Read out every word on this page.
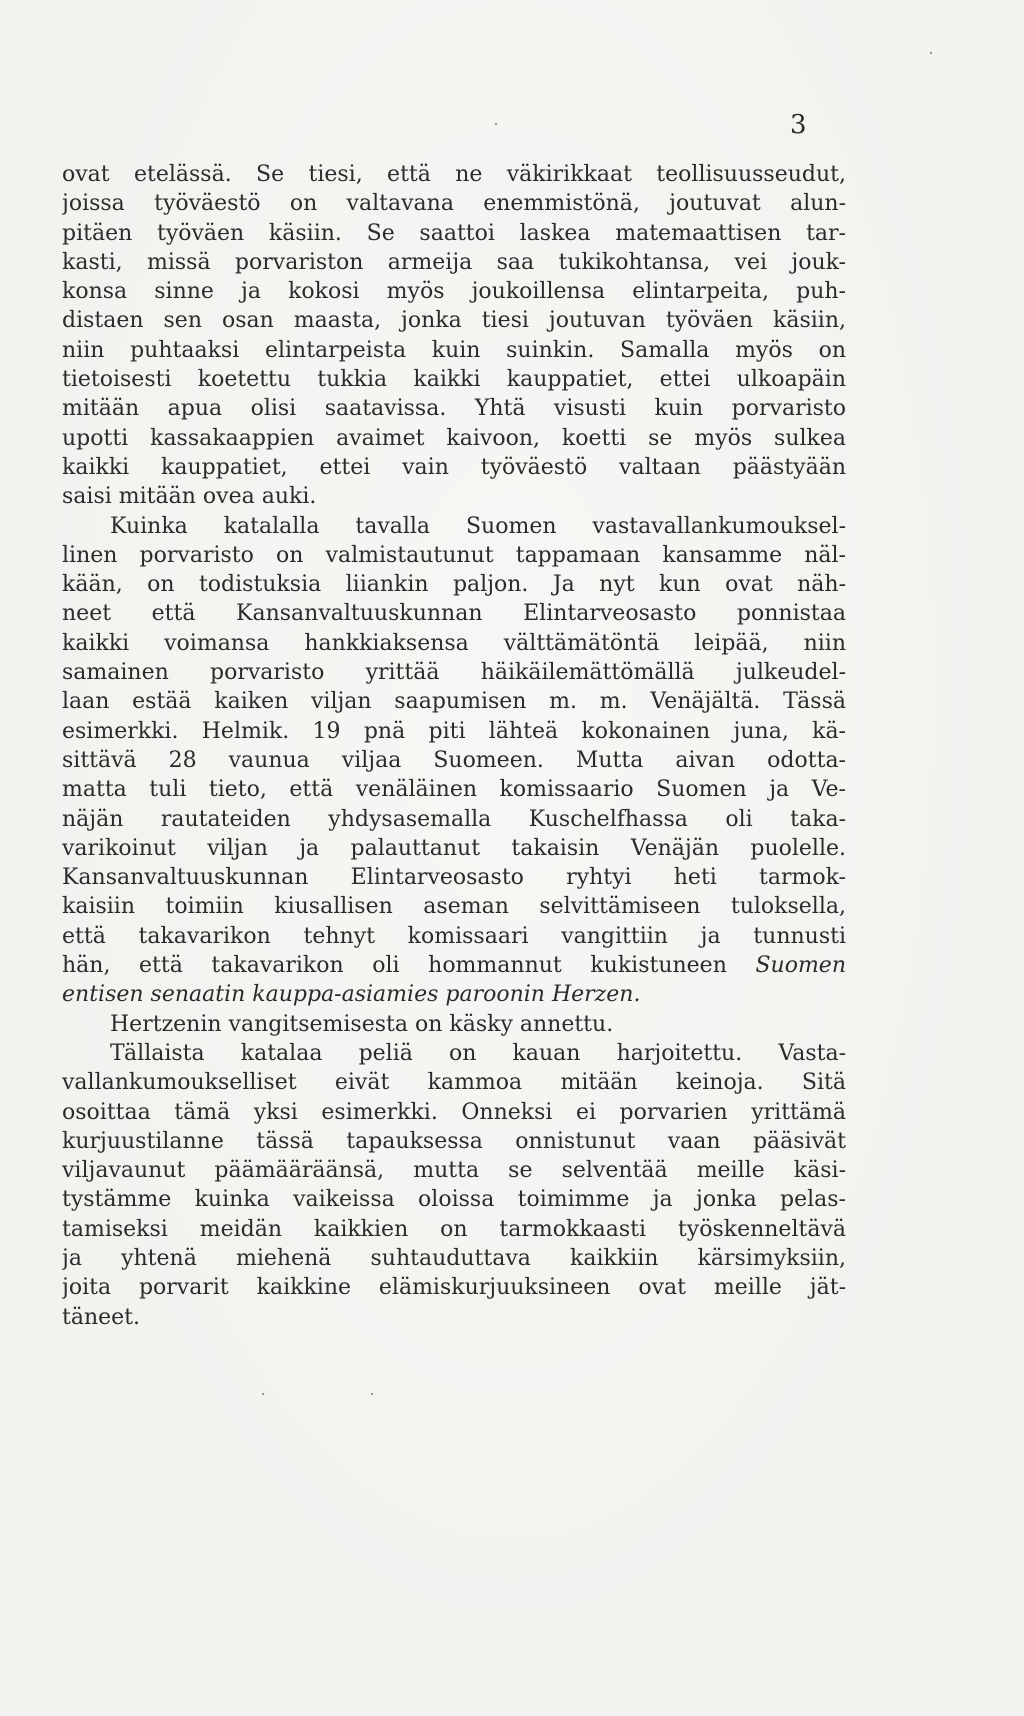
3
ovat etelässä. Se tiesi, että ne väkirikkaat teollisuusseudut,
joissa työväestö on valtavana enemmistönä, joutuvat alun-
pitäen työväen käsiin. Se saattoi laskea matemaattisen tar-
kasti, missä porvariston armeija saa tukikohtansa, vei jouk-
konsa sinne ja kokosi myös joukoillensa elintarpeita, puh-
distaen sen osan maasta, jonka tiesi joutuvan työväen käsiin,
niin puhtaaksi elintarpeista kuin suinkin. Samalla myös on
tietoisesti koetettu tukkia kaikki kauppatiet, ettei ulkoapäin
mitään apua olisi saatavissa. Yhtä visusti kuin porvaristo
upotti kassakaappien avaimet kaivoon, koetti se myös sulkea
kaikki kauppatiet, ettei vain työväestö valtaan päästyään
saisi mitään ovea auki.
Kuinka katalalla tavalla Suomen vastavallankumouksel-
linen porvaristo on valmistautunut tappamaan kansamme näl-
kään, on todistuksia liiankin paljon. Ja nyt kun ovat näh-
neet että Kansanvaltuuskunnan Elintarveosasto ponnistaa
kaikki voimansa hankkiaksensa välttämätöntä leipää, niin
samainen porvaristo yrittää häikäilemättömällä julkeudel-
laan estää kaiken viljan saapumisen m. m. Venäjältä. Tässä
esimerkki. Helmik. 19 pnä piti lähteä kokonainen juna, kä-
sittävä 28 vaunua viljaa Suomeen. Mutta aivan odotta-
matta tuli tieto, että venäläinen komissaario Suomen ja Ve-
näjän rautateiden yhdysasemalla Kuschelfhassa oli taka-
varikoinut viljan ja palauttanut takaisin Venäjän puolelle.
Kansanvaltuuskunnan Elintarveosasto ryhtyi heti tarmok-
kaisiin toimiin kiusallisen aseman selvittämiseen tuloksella,
että takavarikon tehnyt komissaari vangittiin ja tunnusti
hän, että takavarikon oli hommannut kukistuneen Suomen
entisen senaatin kauppa-asiamies paroonin Herzen.
Hertzenin vangitsemisesta on käsky annettu.
Tällaista katalaa peliä on kauan harjoitettu. Vasta-
vallankumoukselliset eivät kammoa mitään keinoja. Sitä
osoittaa tämä yksi esimerkki. Onneksi ei porvarien yrittämä
kurjuustilanne tässä tapauksessa onnistunut vaan pääsivät
viljavaunut päämääräänsä, mutta se selventää meille käsi-
tystämme kuinka vaikeissa oloissa toimimme ja jonka pelas-
tamiseksi meidän kaikkien on tarmokkaasti työskenneltävä
ja yhtenä miehenä suhtauduttava kaikkiin kärsimyksiin,
joita porvarit kaikkine elämiskurjuuksineen ovat meille jät-
täneet.
